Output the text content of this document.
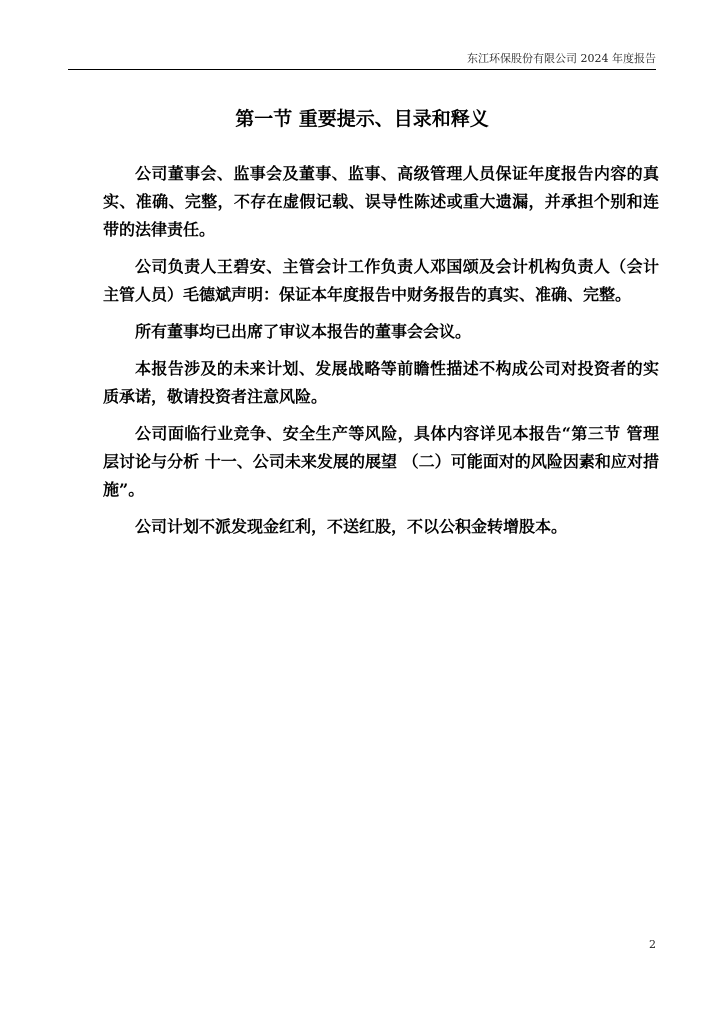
东江环保股份有限公司 2024 年度报告
第一节 重要提示、目录和释义

公司董事会、监事会及董事、监事、高级管理人员保证年度报告内容的真实、准确、完整，不存在虚假记载、误导性陈述或重大遗漏，并承担个别和连带的法律责任。

公司负责人王碧安、主管会计工作负责人邓国颂及会计机构负责人（会计主管人员）毛德斌声明：保证本年度报告中财务报告的真实、准确、完整。

所有董事均已出席了审议本报告的董事会会议。

本报告涉及的未来计划、发展战略等前瞻性描述不构成公司对投资者的实质承诺，敬请投资者注意风险。

公司面临行业竞争、安全生产等风险，具体内容详见本报告“第三节 管理层讨论与分析 十一、公司未来发展的展望 （二）可能面对的风险因素和应对措施”。

公司计划不派发现金红利，不送红股，不以公积金转增股本。

2
